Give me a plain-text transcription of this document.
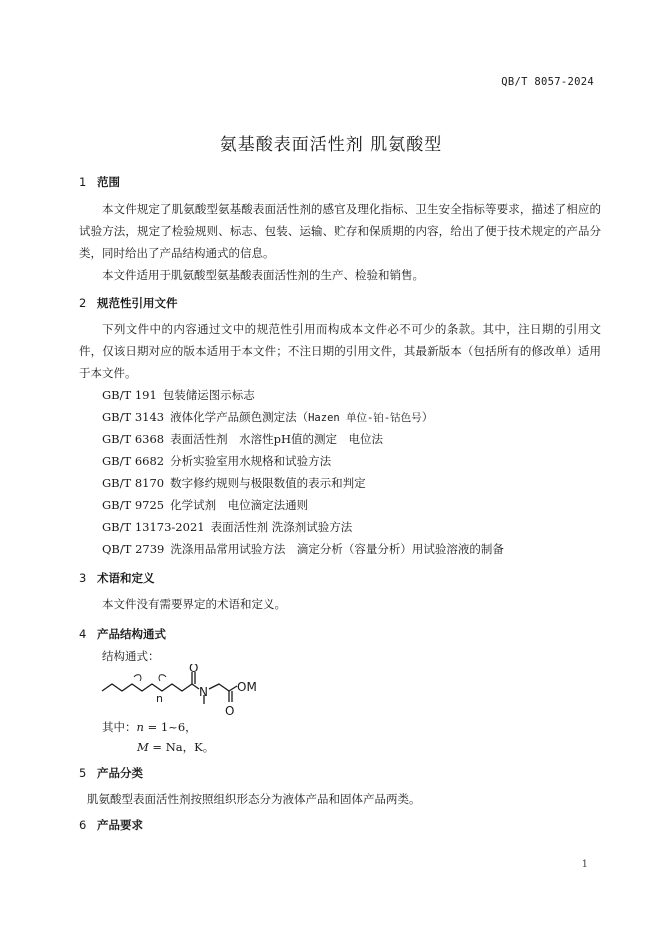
QB/T 8057-2024
氨基酸表面活性剂 肌氨酸型
1 范围
本文件规定了肌氨酸型氨基酸表面活性剂的感官及理化指标、卫生安全指标等要求，描述了相应的试验方法，规定了检验规则、标志、包装、运输、贮存和保质期的内容，给出了便于技术规定的产品分类，同时给出了产品结构通式的信息。
本文件适用于肌氨酸型氨基酸表面活性剂的生产、检验和销售。
2 规范性引用文件
下列文件中的内容通过文中的规范性引用而构成本文件必不可少的条款。其中，注日期的引用文件，仅该日期对应的版本适用于本文件；不注日期的引用文件，其最新版本（包括所有的修改单）适用于本文件。
GB/T 191 包装储运图示标志
GB/T 3143 液体化学产品颜色测定法（Hazen 单位-铂-钴色号）
GB/T 6368 表面活性剂　水溶性pH值的测定　电位法
GB/T 6682 分析实验室用水规格和试验方法
GB/T 8170 数字修约规则与极限数值的表示和判定
GB/T 9725 化学试剂　电位滴定法通则
GB/T 13173-2021 表面活性剂 洗涤剂试验方法
QB/T 2739 洗涤用品常用试验方法　滴定分析（容量分析）用试验溶液的制备
3 术语和定义
本文件没有需要界定的术语和定义。
4 产品结构通式
结构通式：
n
O
N OM
O
其中：n = 1~6，
M = Na，K。
5 产品分类
肌氨酸型表面活性剂按照组织形态分为液体产品和固体产品两类。
6 产品要求
1
